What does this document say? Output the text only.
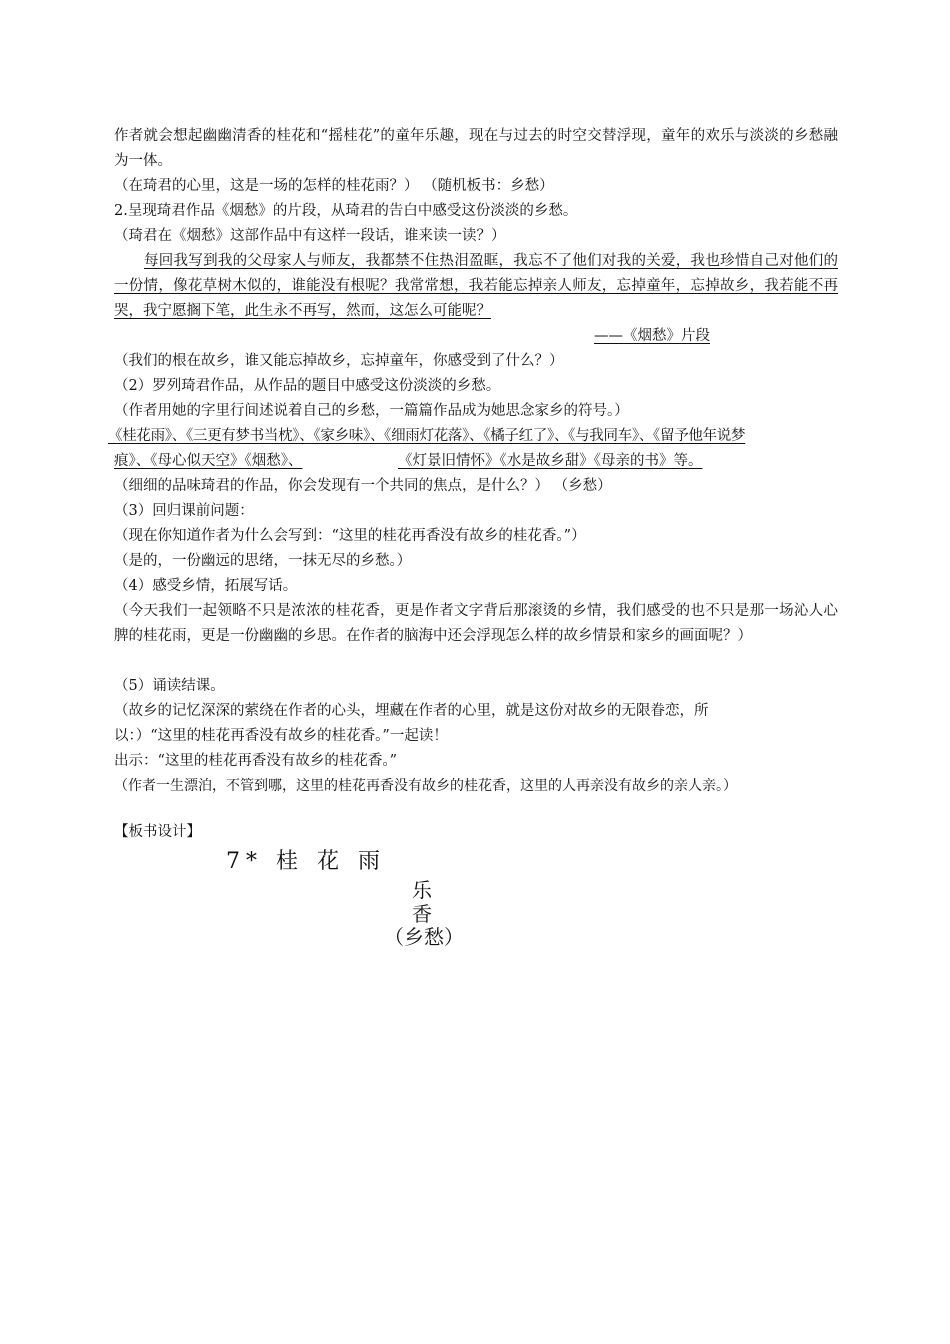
作者就会想起幽幽清香的桂花和“摇桂花”的童年乐趣，现在与过去的时空交替浮现，童年的欢乐与淡淡的乡愁融为一体。
（在琦君的心里，这是一场的怎样的桂花雨？） （随机板书：乡愁）
2.呈现琦君作品《烟愁》的片段，从琦君的告白中感受这份淡淡的乡愁。
（琦君在《烟愁》这部作品中有这样一段话，谁来读一读？）
每回我写到我的父母家人与师友，我都禁不住热泪盈眶，我忘不了他们对我的关爱，我也珍惜自己对他们的一份情，像花草树木似的，谁能没有根呢？我常常想，我若能忘掉亲人师友，忘掉童年，忘掉故乡，我若能不再哭，我宁愿搁下笔，此生永不再写，然而，这怎么可能呢？
——《烟愁》片段
（我们的根在故乡，谁又能忘掉故乡，忘掉童年，你感受到了什么？）
（2）罗列琦君作品，从作品的题目中感受这份淡淡的乡愁。
（作者用她的字里行间述说着自己的乡愁，一篇篇作品成为她思念家乡的符号。）
《桂花雨》、《三更有梦书当枕》、《家乡味》、《细雨灯花落》、《橘子红了》、《与我同车》、《留予他年说梦
痕》、《母心似天空》《烟愁》、	《灯景旧情怀》《水是故乡甜》《母亲的书》等。
（细细的品味琦君的作品，你会发现有一个共同的焦点，是什么？） （乡愁）
（3）回归课前问题：
（现在你知道作者为什么会写到：“这里的桂花再香没有故乡的桂花香。”）
（是的，一份幽远的思绪，一抹无尽的乡愁。）
（4）感受乡情，拓展写话。
（今天我们一起领略不只是浓浓的桂花香，更是作者文字背后那滚烫的乡情，我们感受的也不只是那一场沁人心脾的桂花雨，更是一份幽幽的乡思。在作者的脑海中还会浮现怎么样的故乡情景和家乡的画面呢？）
（5）诵读结课。
（故乡的记忆深深的萦绕在作者的心头，埋藏在作者的心里，就是这份对故乡的无限眷恋，所
以：）“这里的桂花再香没有故乡的桂花香。”一起读！
出示：“这里的桂花再香没有故乡的桂花香。”
（作者一生漂泊，不管到哪，这里的桂花再香没有故乡的桂花香，这里的人再亲没有故乡的亲人亲。）
【板书设计】
7* 桂 花 雨
乐
香
（乡愁）
